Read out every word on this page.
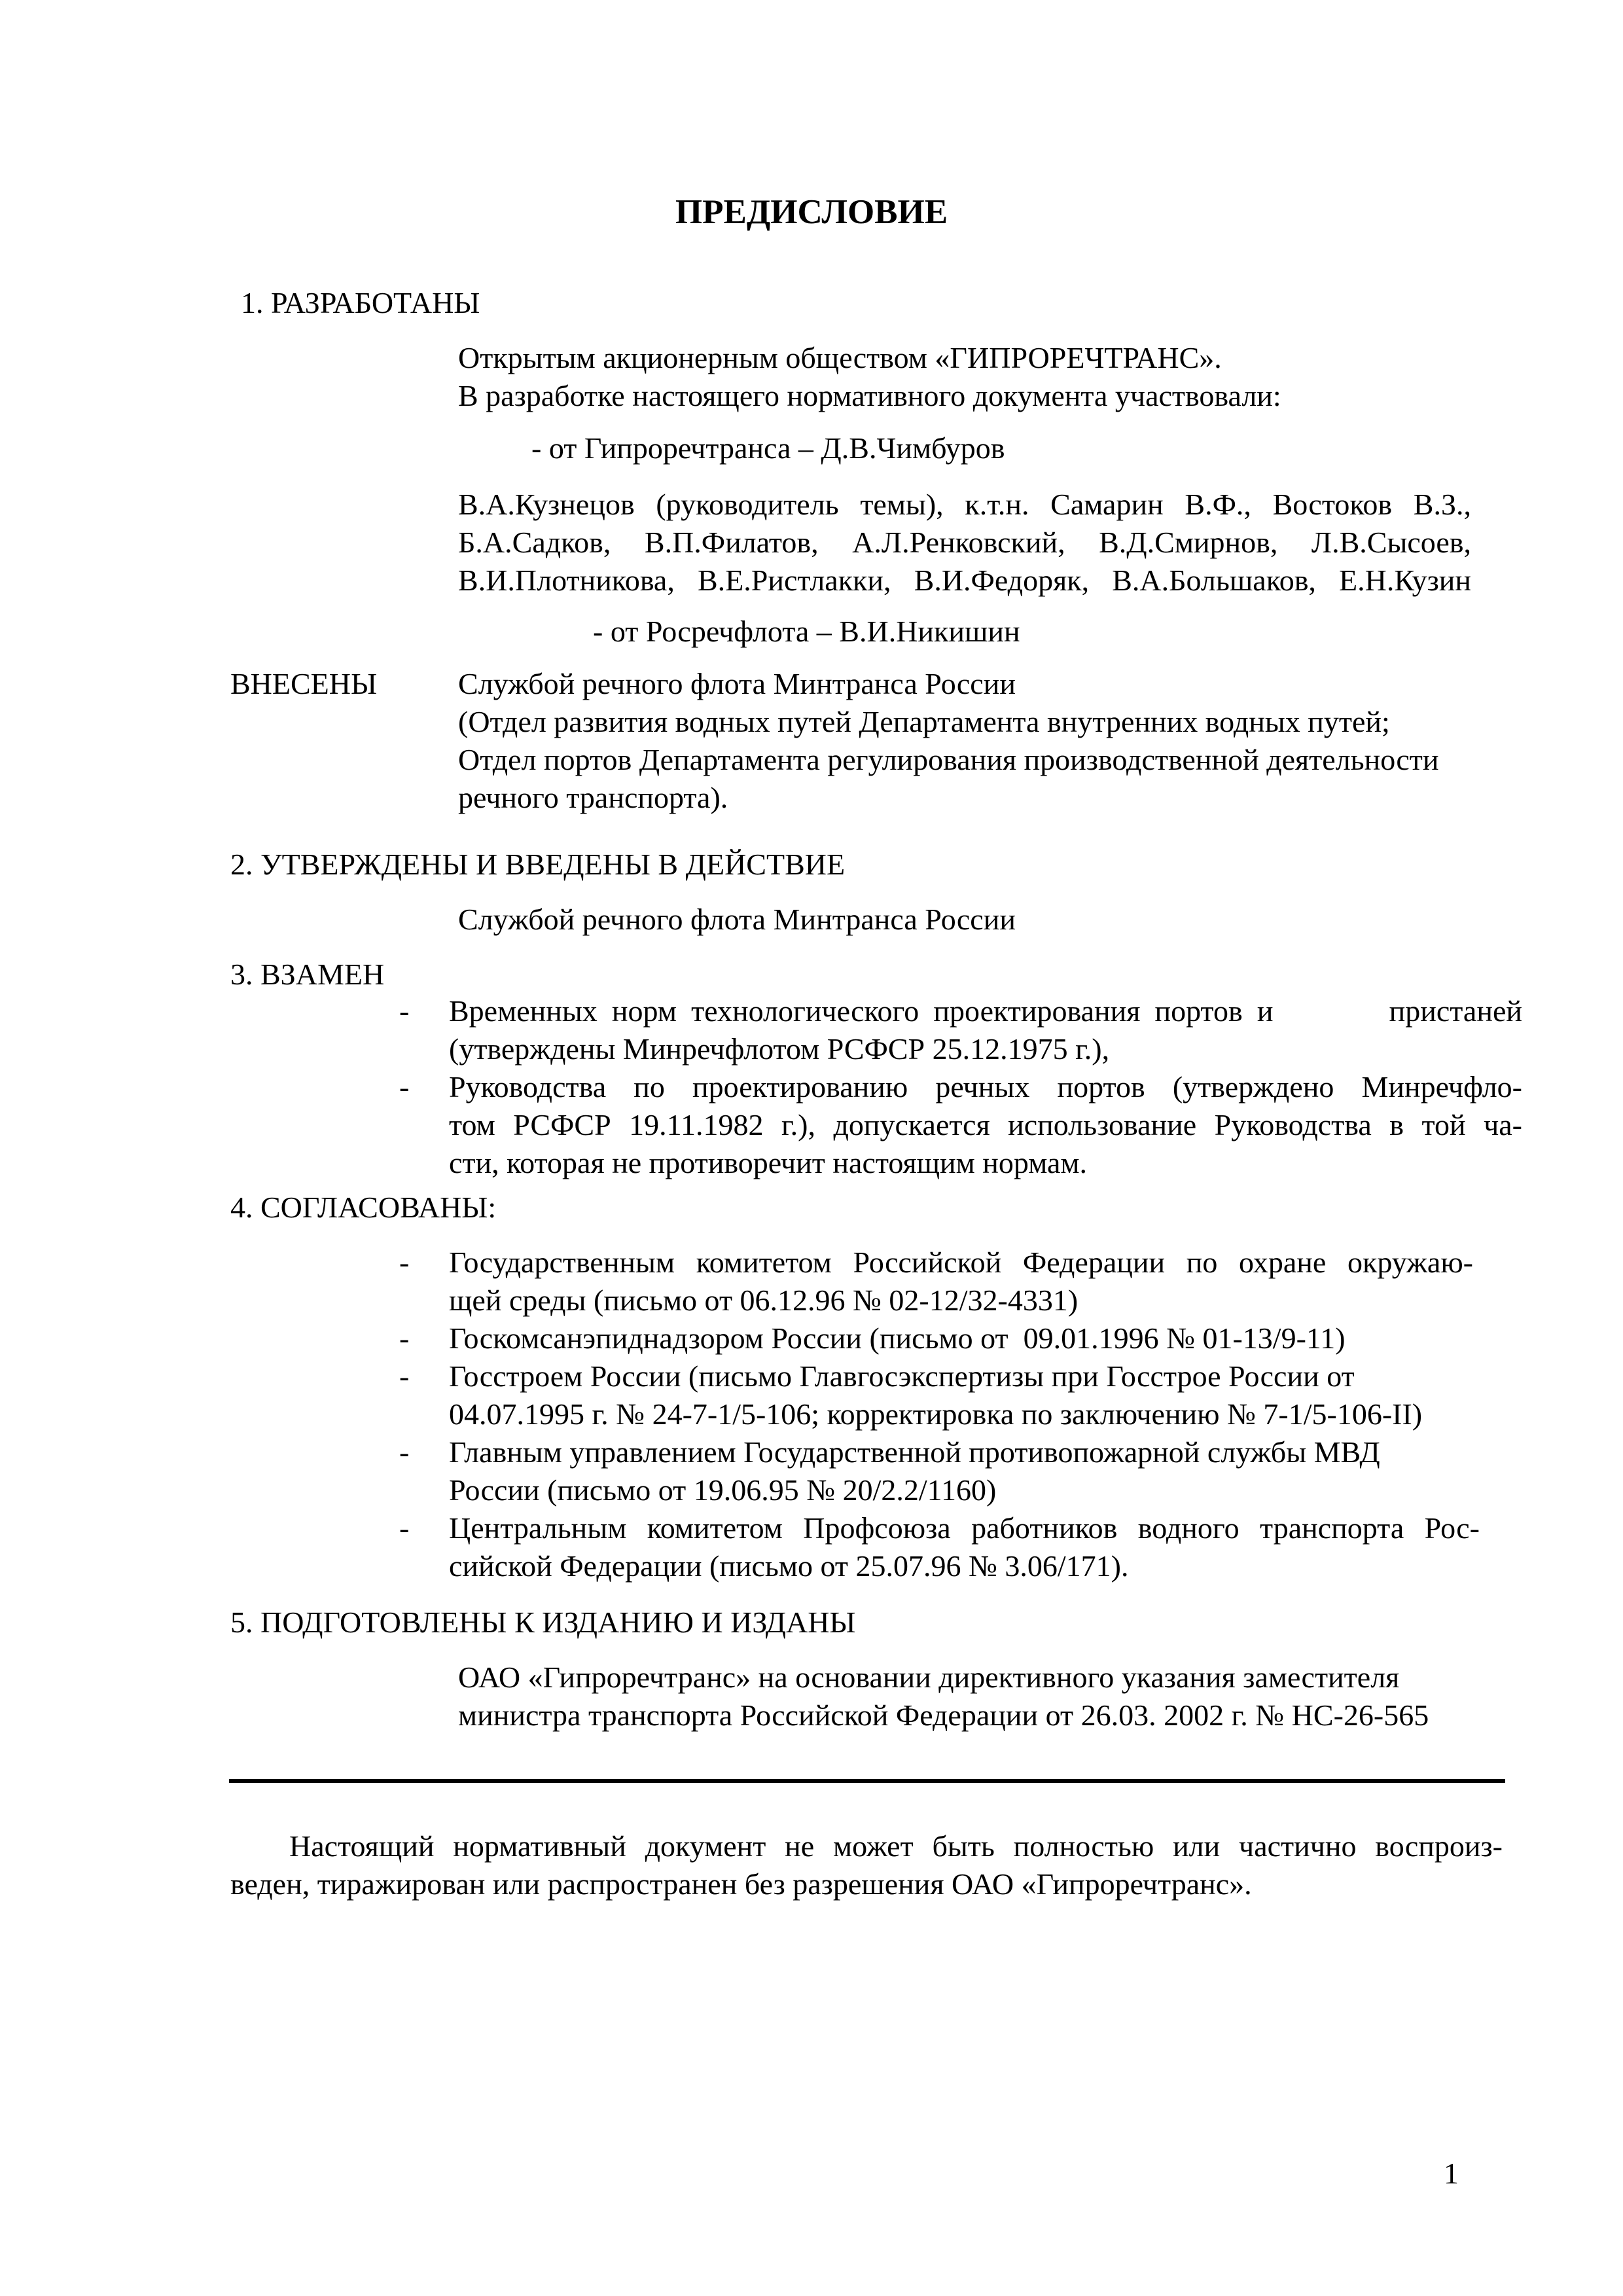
ПРЕДИСЛОВИЕ
1. РАЗРАБОТАНЫ
Открытым акционерным обществом «ГИПРОРЕЧТРАНС».
В разработке настоящего нормативного документа участвовали:
- от Гипроречтранса – Д.В.Чимбуров
В.А.Кузнецов (руководитель темы), к.т.н. Самарин В.Ф., Востоков В.З.,
Б.А.Садков, В.П.Филатов, А.Л.Ренковский, В.Д.Смирнов, Л.В.Сысоев,
В.И.Плотникова, В.Е.Ристлакки, В.И.Федоряк, В.А.Большаков, Е.Н.Кузин
- от Росречфлота – В.И.Никишин
ВНЕСЕНЫ	Службой речного флота Минтранса России
(Отдел развития водных путей Департамента внутренних водных путей;
Отдел портов Департамента регулирования производственной деятельности
речного транспорта).
2. УТВЕРЖДЕНЫ И ВВЕДЕНЫ В ДЕЙСТВИЕ
Службой речного флота Минтранса России
3. ВЗАМЕН
- Временных норм технологического проектирования портов и        пристаней
(утверждены Минречфлотом РСФСР 25.12.1975 г.),
- Руководства по проектированию речных портов (утверждено Минречфло-
том РСФСР 19.11.1982 г.), допускается использование Руководства в той ча-
сти, которая не противоречит настоящим нормам.
4. СОГЛАСОВАНЫ:
- Государственным комитетом Российской Федерации по охране окружаю-
щей среды (письмо от 06.12.96 № 02-12/32-4331)
- Госкомсанэпиднадзором России (письмо от  09.01.1996 № 01-13/9-11)
- Госстроем России (письмо Главгосэкспертизы при Госстрое России от
04.07.1995 г. № 24-7-1/5-106; корректировка по заключению № 7-1/5-106-II)
- Главным управлением Государственной противопожарной службы МВД
России (письмо от 19.06.95 № 20/2.2/1160)
- Центральным комитетом Профсоюза работников водного транспорта Рос-
сийской Федерации (письмо от 25.07.96 № 3.06/171).
5. ПОДГОТОВЛЕНЫ К ИЗДАНИЮ И ИЗДАНЫ
ОАО «Гипроречтранс» на основании директивного указания заместителя
министра транспорта Российской Федерации от 26.03. 2002 г. № НС-26-565
Настоящий нормативный документ не может быть полностью или частично воспроиз-
веден, тиражирован или распространен без разрешения ОАО «Гипроречтранс».
1
